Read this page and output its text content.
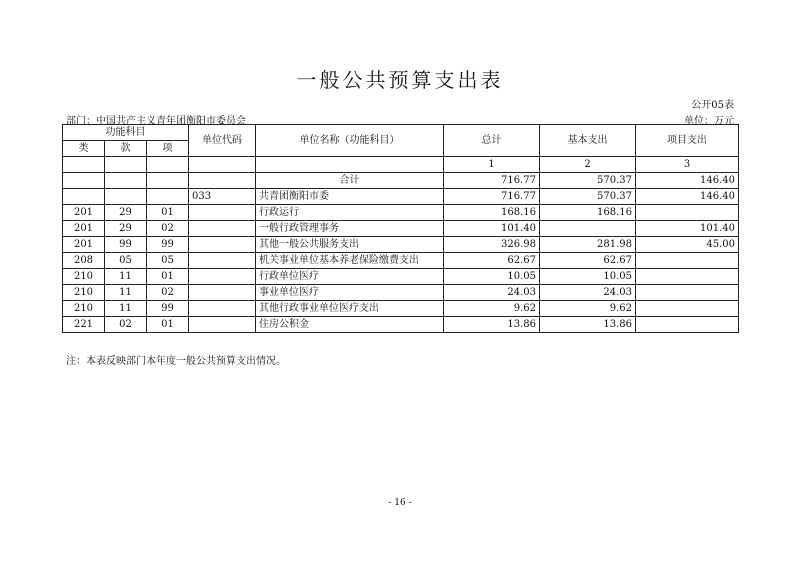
一般公共预算支出表
公开05表
部门：中国共产主义青年团衡阳市委员会	单位：万元
功能科目			单位代码	单位名称（功能科目）	总计	基本支出	项目支出
类	款	项					
					1	2	3
				合计	716.77	570.37	146.40
			033	共青团衡阳市委	716.77	570.37	146.40
201	29	01		行政运行	168.16	168.16	
201	29	02		一般行政管理事务	101.40		101.40
201	99	99		其他一般公共服务支出	326.98	281.98	45.00
208	05	05		机关事业单位基本养老保险缴费支出	62.67	62.67	
210	11	01		行政单位医疗	10.05	10.05	
210	11	02		事业单位医疗	24.03	24.03	
210	11	99		其他行政事业单位医疗支出	9.62	9.62	
221	02	01		住房公积金	13.86	13.86	
注：本表反映部门本年度一般公共预算支出情况。
- 16 -
